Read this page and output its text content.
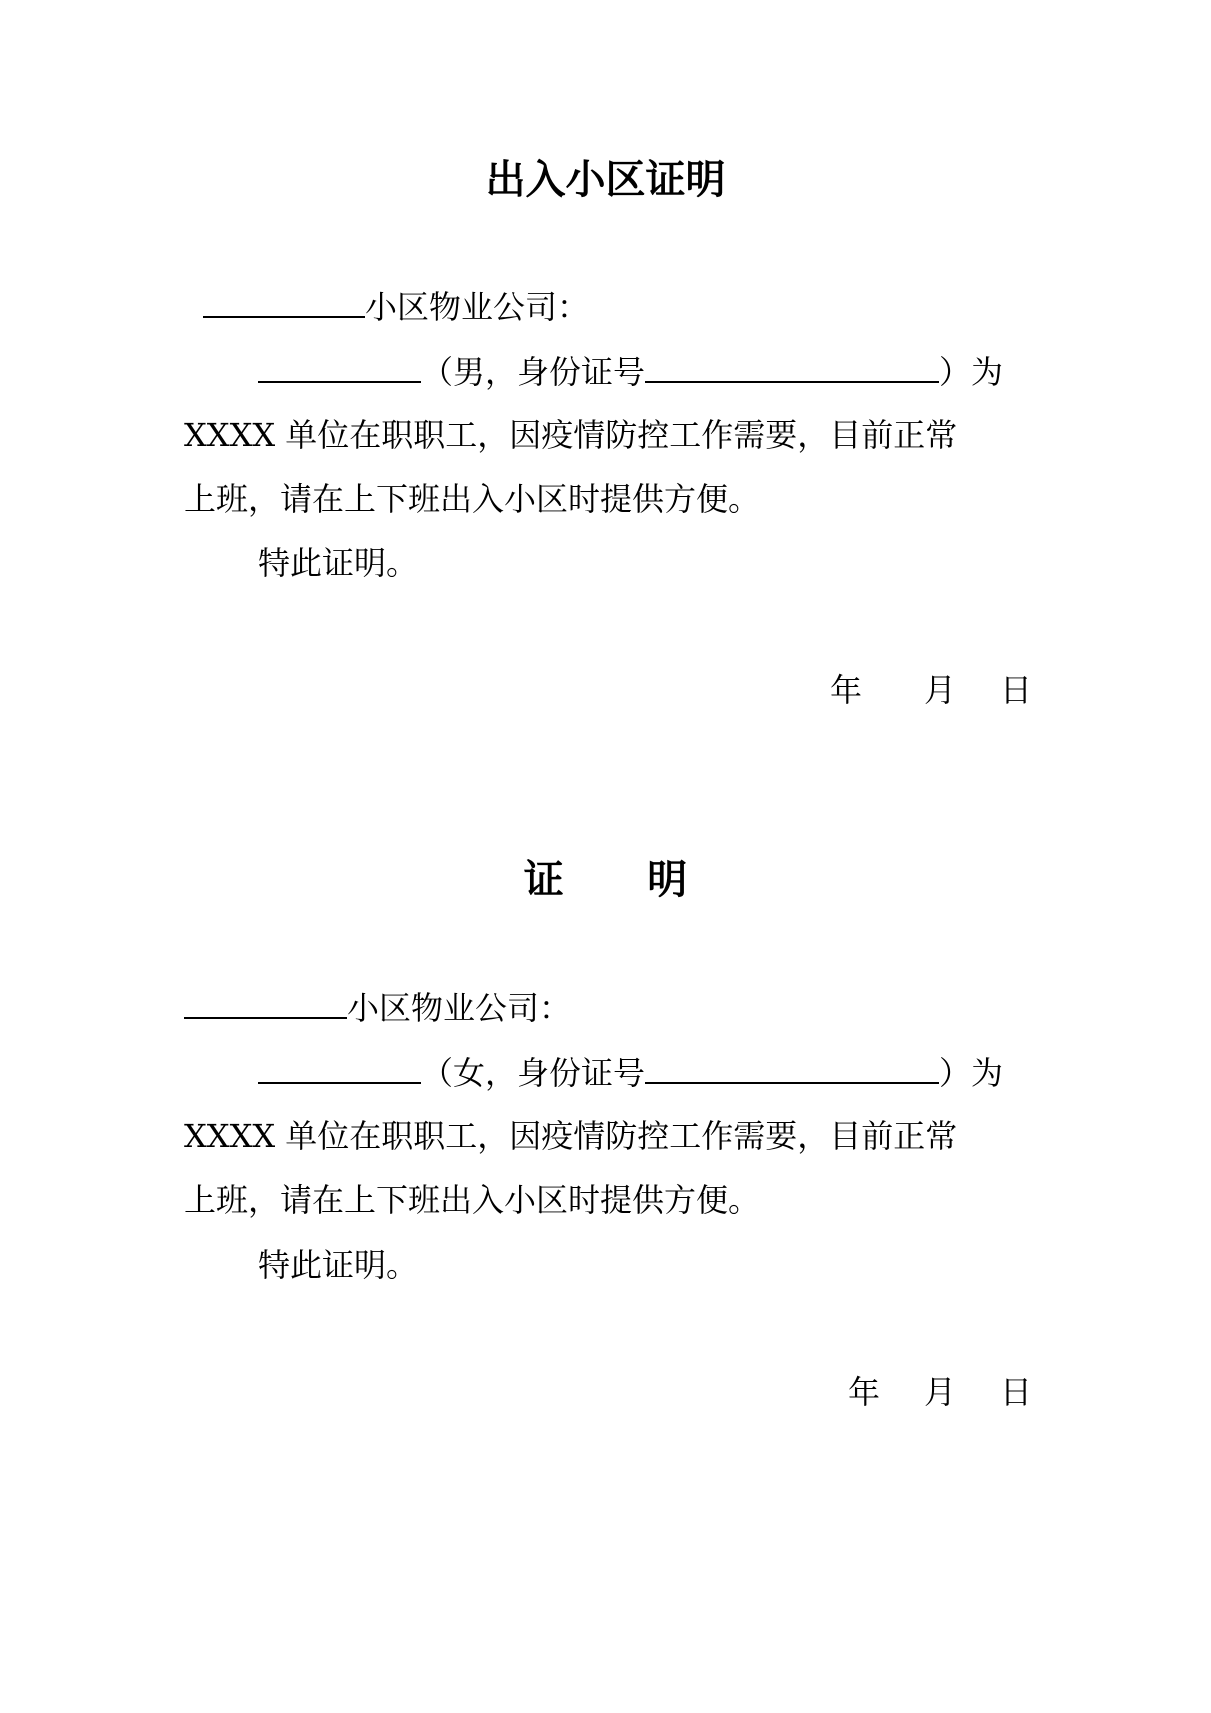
出入小区证明
小区物业公司：
（男，身份证号	）为
XXXX 单位在职职工，因疫情防控工作需要，目前正常
上班，请在上下班出入小区时提供方便。
特此证明。
年 月 日
证      明
小区物业公司：
（女，身份证号	）为
XXXX 单位在职职工，因疫情防控工作需要，目前正常
上班，请在上下班出入小区时提供方便。
特此证明。
年 月 日
